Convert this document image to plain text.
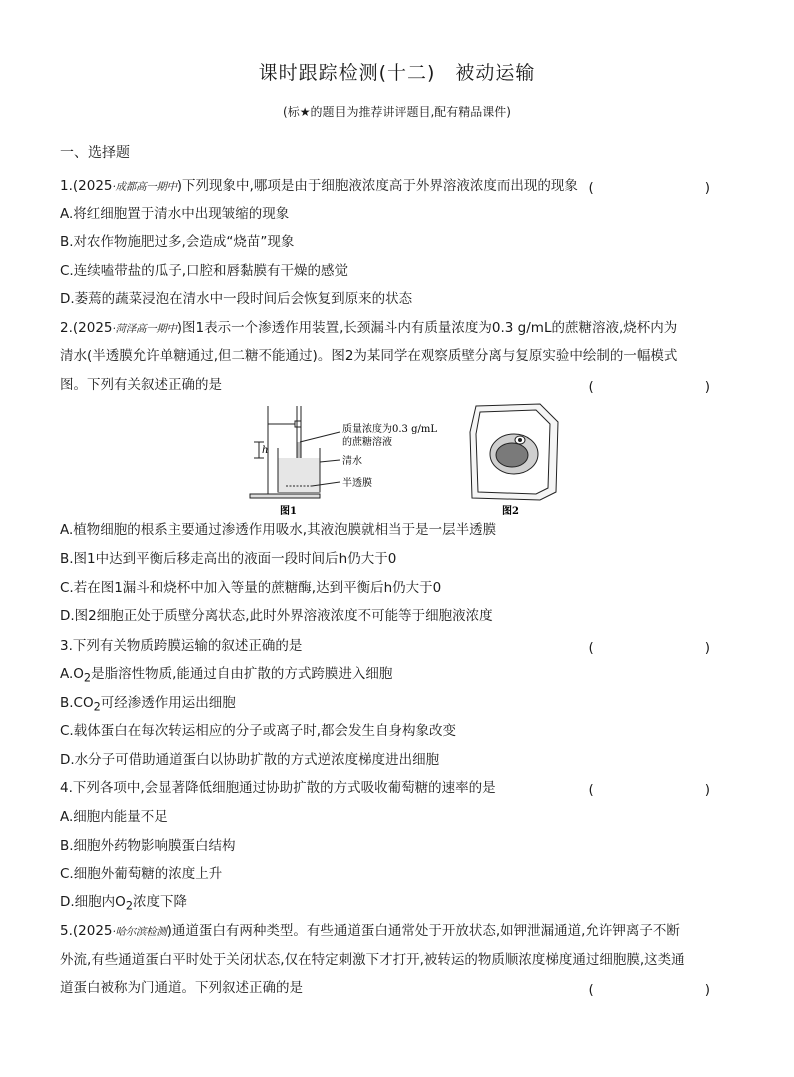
课时跟踪检测(十二)　被动运输
(标★的题目为推荐讲评题目,配有精品课件)
一、选择题
1.(2025·成都高一期中)下列现象中,哪项是由于细胞液浓度高于外界溶液浓度而出现的现象 (　　)
A.将红细胞置于清水中出现皱缩的现象
B.对农作物施肥过多,会造成“烧苗”现象
C.连续嗑带盐的瓜子,口腔和唇黏膜有干燥的感觉
D.萎蔫的蔬菜浸泡在清水中一段时间后会恢复到原来的状态
2.(2025·菏泽高一期中)图1表示一个渗透作用装置,长颈漏斗内有质量浓度为0.3 g/mL的蔗糖溶液,烧杯内为
清水(半透膜允许单糖通过,但二糖不能通过)。图2为某同学在观察质壁分离与复原实验中绘制的一幅模式
图。下列有关叙述正确的是	(　　)
h
质量浓度为0.3 g/mL
的蔗糖溶液
清水
半透膜
图1	图2
A.植物细胞的根系主要通过渗透作用吸水,其液泡膜就相当于是一层半透膜
B.图1中达到平衡后移走高出的液面一段时间后h仍大于0
C.若在图1漏斗和烧杯中加入等量的蔗糖酶,达到平衡后h仍大于0
D.图2细胞正处于质壁分离状态,此时外界溶液浓度不可能等于细胞液浓度
3.下列有关物质跨膜运输的叙述正确的是	(　　)
$A.O_2$是脂溶性物质,能通过自由扩散的方式跨膜进入细胞
$B.CO_2$可经渗透作用运出细胞
C.载体蛋白在每次转运相应的分子或离子时,都会发生自身构象改变
D.水分子可借助通道蛋白以协助扩散的方式逆浓度梯度进出细胞
4.下列各项中,会显著降低细胞通过协助扩散的方式吸收葡萄糖的速率的是	(　　)
A.细胞内能量不足
B.细胞外药物影响膜蛋白结构
C.细胞外葡萄糖的浓度上升
D.细胞内$O_2$浓度下降
5.(2025·哈尔滨检测)通道蛋白有两种类型。有些通道蛋白通常处于开放状态,如钾泄漏通道,允许钾离子不断
外流,有些通道蛋白平时处于关闭状态,仅在特定刺激下才打开,被转运的物质顺浓度梯度通过细胞膜,这类通
道蛋白被称为门通道。下列叙述正确的是	(　　)
